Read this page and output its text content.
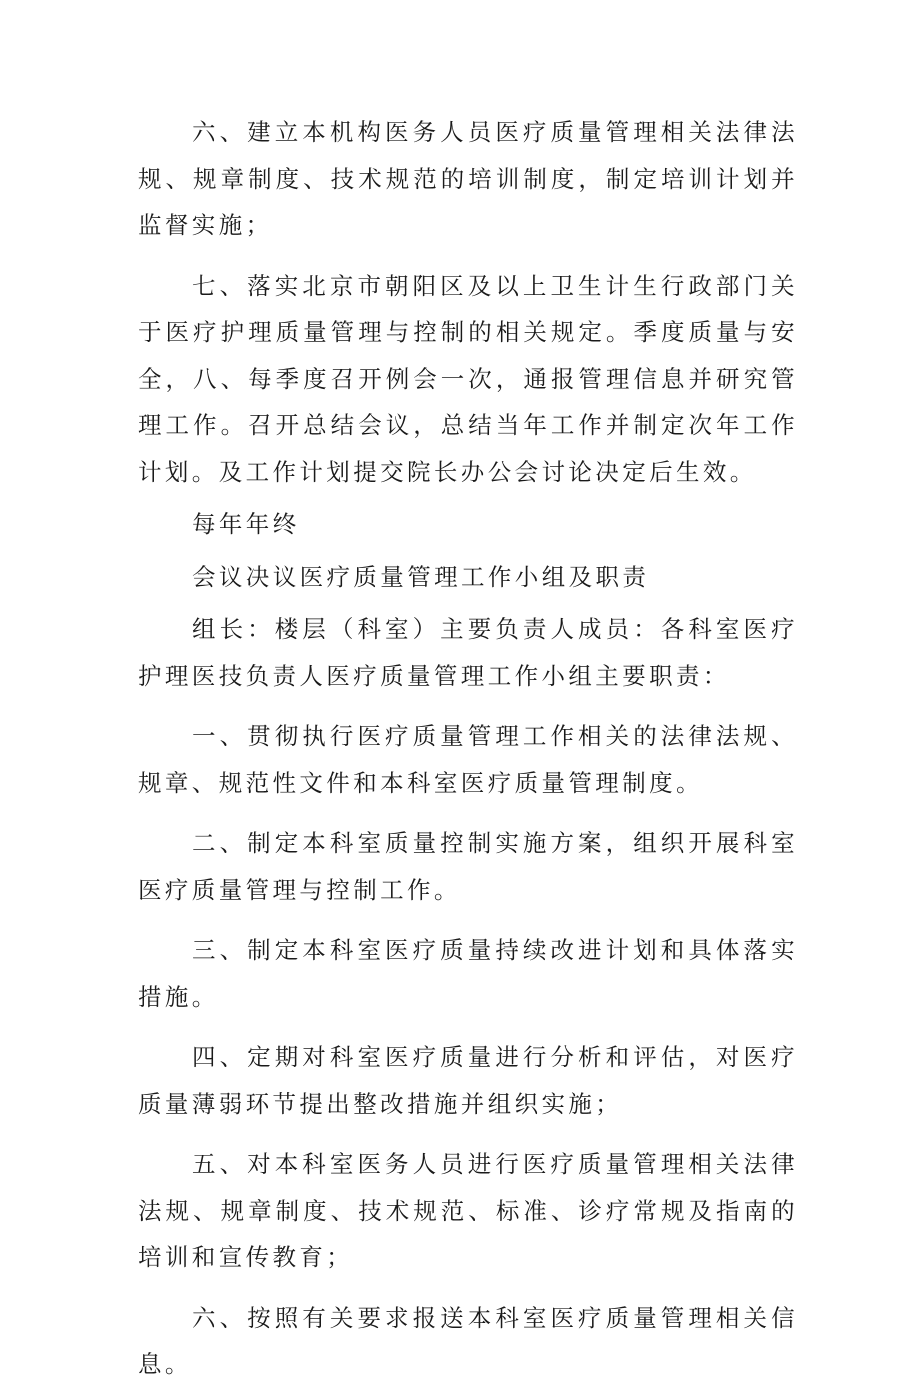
六、建立本机构医务人员医疗质量管理相关法律法规、规章制度、技术规范的培训制度，制定培训计划并监督实施；

七、落实北京市朝阳区及以上卫生计生行政部门关于医疗护理质量管理与控制的相关规定。季度质量与安全，八、每季度召开例会一次，通报管理信息并研究管理工作。召开总结会议，总结当年工作并制定次年工作计划。及工作计划提交院长办公会讨论决定后生效。

每年年终

会议决议医疗质量管理工作小组及职责

组长：楼层（科室）主要负责人成员：各科室医疗护理医技负责人医疗质量管理工作小组主要职责：

一、贯彻执行医疗质量管理工作相关的法律法规、规章、规范性文件和本科室医疗质量管理制度。

二、制定本科室质量控制实施方案，组织开展科室医疗质量管理与控制工作。

三、制定本科室医疗质量持续改进计划和具体落实措施。

四、定期对科室医疗质量进行分析和评估，对医疗质量薄弱环节提出整改措施并组织实施；

五、对本科室医务人员进行医疗质量管理相关法律法规、规章制度、技术规范、标准、诊疗常规及指南的培训和宣传教育；

六、按照有关要求报送本科室医疗质量管理相关信息。
